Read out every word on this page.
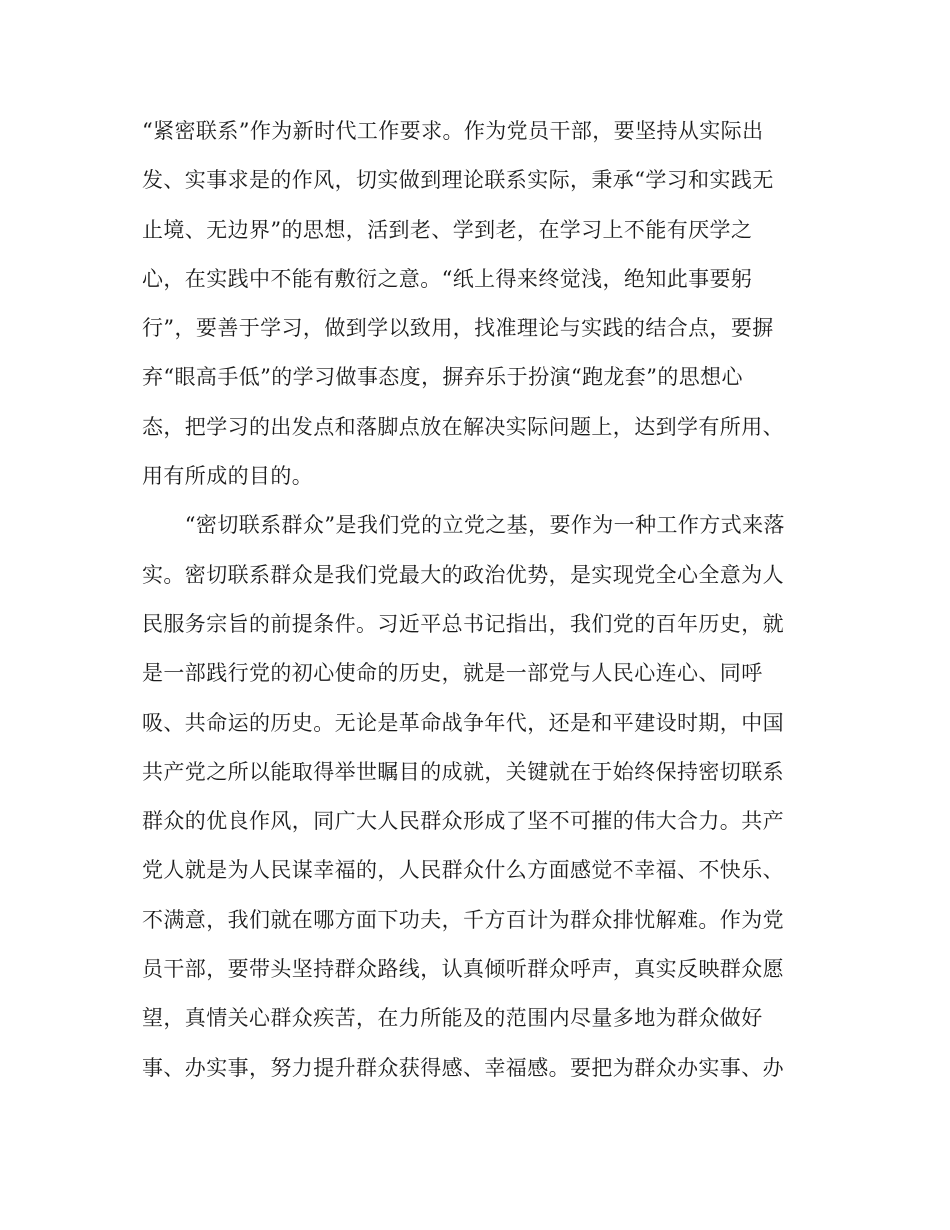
“紧密联系”作为新时代工作要求。作为党员干部，要坚持从实际出
发、实事求是的作风，切实做到理论联系实际，秉承“学习和实践无
止境、无边界”的思想，活到老、学到老，在学习上不能有厌学之
心，在实践中不能有敷衍之意。“纸上得来终觉浅，绝知此事要躬
行”，要善于学习，做到学以致用，找准理论与实践的结合点，要摒
弃“眼高手低”的学习做事态度，摒弃乐于扮演“跑龙套”的思想心
态，把学习的出发点和落脚点放在解决实际问题上，达到学有所用、
用有所成的目的。
　　“密切联系群众”是我们党的立党之基，要作为一种工作方式来落
实。密切联系群众是我们党最大的政治优势，是实现党全心全意为人
民服务宗旨的前提条件。习近平总书记指出，我们党的百年历史，就
是一部践行党的初心使命的历史，就是一部党与人民心连心、同呼
吸、共命运的历史。无论是革命战争年代，还是和平建设时期，中国
共产党之所以能取得举世瞩目的成就，关键就在于始终保持密切联系
群众的优良作风，同广大人民群众形成了坚不可摧的伟大合力。共产
党人就是为人民谋幸福的，人民群众什么方面感觉不幸福、不快乐、
不满意，我们就在哪方面下功夫，千方百计为群众排忧解难。作为党
员干部，要带头坚持群众路线，认真倾听群众呼声，真实反映群众愿
望，真情关心群众疾苦，在力所能及的范围内尽量多地为群众做好
事、办实事，努力提升群众获得感、幸福感。要把为群众办实事、办
